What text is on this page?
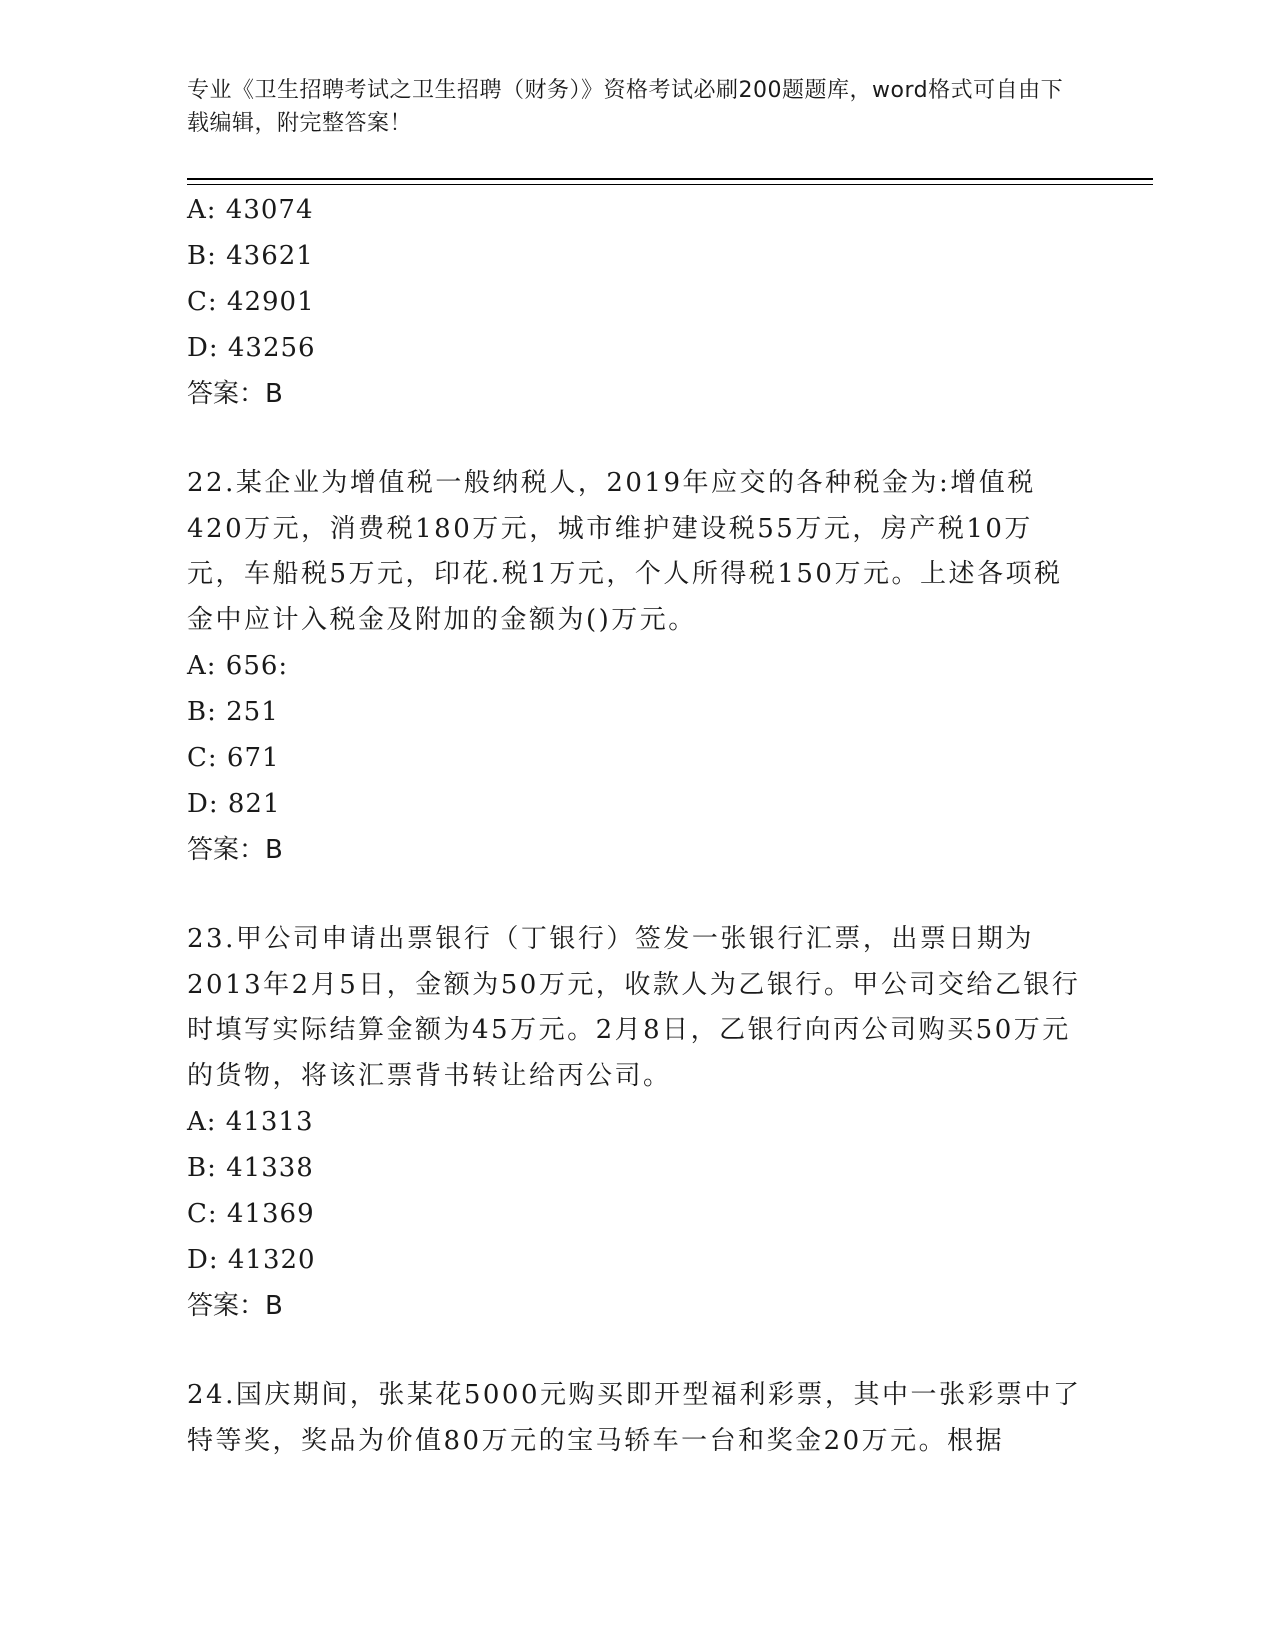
专业《卫生招聘考试之卫生招聘（财务）》资格考试必刷200题题库，word格式可自由下载编辑，附完整答案！
A: 43074
B: 43621
C: 42901
D: 43256
答案：B
22.某企业为增值税一般纳税人，2019年应交的各种税金为:增值税420万元，消费税180万元，城市维护建设税55万元，房产税10万元，车船税5万元，印花.税1万元，个人所得税150万元。上述各项税金中应计入税金及附加的金额为()万元。
A: 656:
B: 251
C: 671
D: 821
答案：B
23.甲公司申请出票银行（丁银行）签发一张银行汇票，出票日期为2013年2月5日，金额为50万元，收款人为乙银行。甲公司交给乙银行时填写实际结算金额为45万元。2月8日，乙银行向丙公司购买50万元的货物，将该汇票背书转让给丙公司。
A: 41313
B: 41338
C: 41369
D: 41320
答案：B
24.国庆期间，张某花5000元购买即开型福利彩票，其中一张彩票中了特等奖，奖品为价值80万元的宝马轿车一台和奖金20万元。根据
